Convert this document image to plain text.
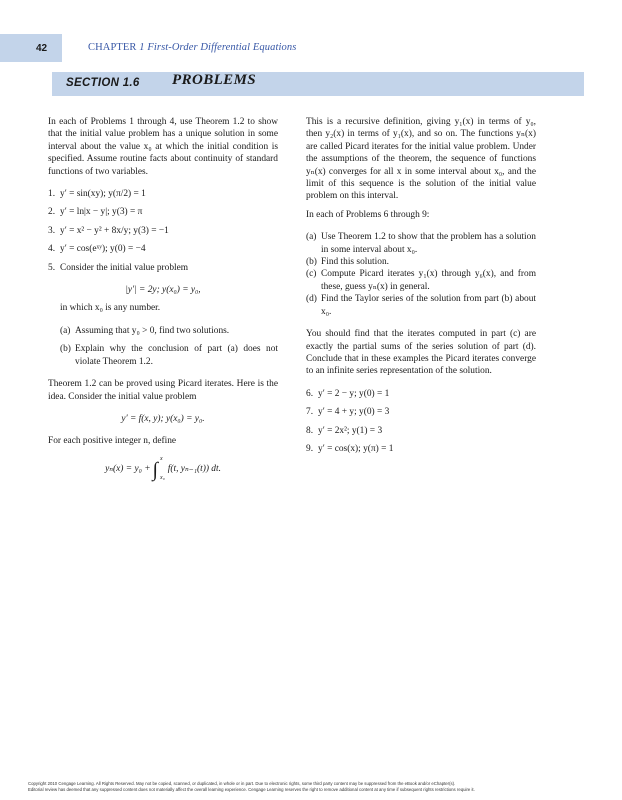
42	CHAPTER 1 First-Order Differential Equations
SECTION 1.6 PROBLEMS

In each of Problems 1 through 4, use Theorem 1.2 to show that the initial value problem has a unique solution in some interval about the value x₀ at which the initial condition is specified. Assume routine facts about continuity of standard functions of two variables.

1. y′ = sin(xy); y(π/2) = 1
2. y′ = ln|x − y|; y(3) = π
3. y′ = x² − y² + 8x/y; y(3) = −1
4. y′ = cos(eˣʸ); y(0) = −4
5. Consider the initial value problem
|y′| = 2y; y(x₀) = y₀,

in which x₀ is any number.

(a) Assuming that y₀ > 0, find two solutions.
(b) Explain why the conclusion of part (a) does not violate Theorem 1.2.

Theorem 1.2 can be proved using Picard iterates. Here is the idea. Consider the initial value problem

y′ = f(x, y); y(x₀) = y₀.

For each positive integer n, define

yₙ(x) = y₀ + ∫ x
x₀
f(t, yₙ₋₁(t)) dt.

This is a recursive definition, giving y₁(x) in terms of y₀, then y₂(x) in terms of y₁(x), and so on. The functions yₙ(x) are called Picard iterates for the initial value problem. Under the assumptions of the theorem, the sequence of functions yₙ(x) converges for all x in some interval about x₀, and the limit of this sequence is the solution of the initial value problem on this interval.

In each of Problems 6 through 9:

(a) Use Theorem 1.2 to show that the problem has a solution in some interval about x₀.
(b) Find this solution.
(c) Compute Picard iterates y₁(x) through y₆(x), and from these, guess yₙ(x) in general.
(d) Find the Taylor series of the solution from part (b) about x₀.

You should find that the iterates computed in part (c) are exactly the partial sums of the series solution of part (d). Conclude that in these examples the Picard iterates converge to an infinite series representation of the solution.

6. y′ = 2 − y; y(0) = 1
7. y′ = 4 + y; y(0) = 3
8. y′ = 2x²; y(1) = 3
9. y′ = cos(x); y(π) = 1
Copyright 2010 Cengage Learning. All Rights Reserved. May not be copied, scanned, or duplicated, in whole or in part. Due to electronic rights, some third party content may be suppressed from the eBook and/or eChapter(s).
Editorial review has deemed that any suppressed content does not materially affect the overall learning experience. Cengage Learning reserves the right to remove additional content at any time if subsequent rights restrictions require it.
